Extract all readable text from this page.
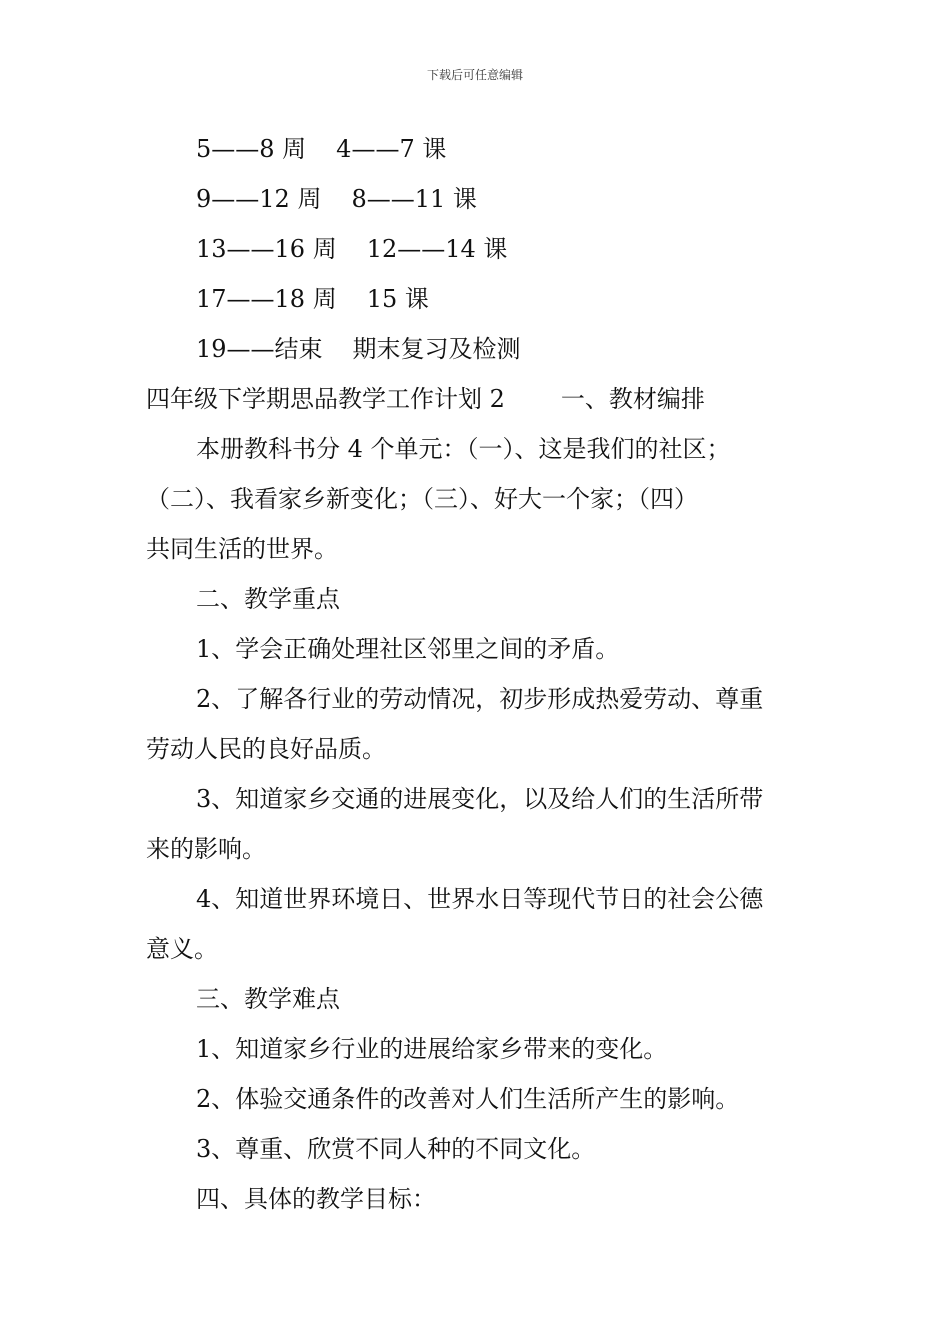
下载后可任意编辑
5——8 周 4——7 课
9——12 周 8——11 课
13——16 周 12——14 课
17——18 周 15 课
19——结束 期末复习及检测
四年级下学期思品教学工作计划 2 一、教材编排
本册教科书分 4 个单元：（一）、这是我们的社区；
（二）、我看家乡新变化；（三）、好大一个家；（四）
共同生活的世界。
二、教学重点
1、学会正确处理社区邻里之间的矛盾。
2、了解各行业的劳动情况，初步形成热爱劳动、尊重
劳动人民的良好品质。
3、知道家乡交通的进展变化，以及给人们的生活所带
来的影响。
4、知道世界环境日、世界水日等现代节日的社会公德
意义。
三、教学难点
1、知道家乡行业的进展给家乡带来的变化。
2、体验交通条件的改善对人们生活所产生的影响。
3、尊重、欣赏不同人种的不同文化。
四、具体的教学目标：
